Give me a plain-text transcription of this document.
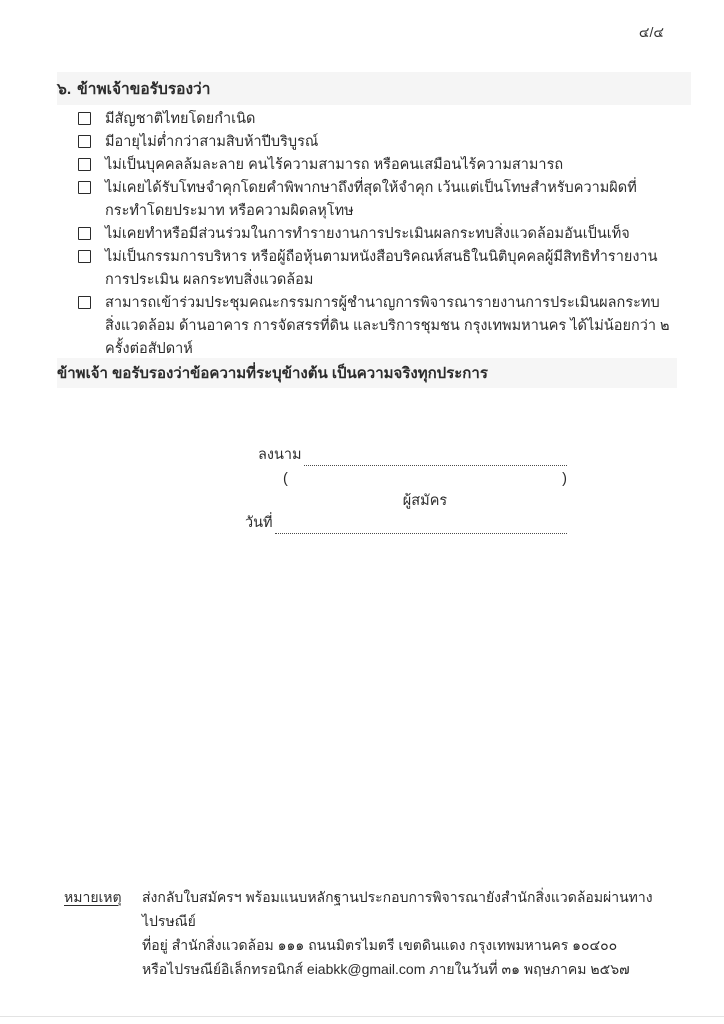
๔/๔
๖. ข้าพเจ้าขอรับรองว่า
มีสัญชาติไทยโดยกำเนิด
มีอายุไม่ต่ำกว่าสามสิบห้าปีบริบูรณ์
ไม่เป็นบุคคลล้มละลาย คนไร้ความสามารถ หรือคนเสมือนไร้ความสามารถ
ไม่เคยได้รับโทษจำคุกโดยคำพิพากษาถึงที่สุดให้จำคุก เว้นแต่เป็นโทษสำหรับความผิดที่กระทำโดยประมาท หรือความผิดลหุโทษ
ไม่เคยทำหรือมีส่วนร่วมในการทำรายงานการประเมินผลกระทบสิ่งแวดล้อมอันเป็นเท็จ
ไม่เป็นกรรมการบริหาร หรือผู้ถือหุ้นตามหนังสือบริคณห์สนธิในนิติบุคคลผู้มีสิทธิทำรายงานการประเมิน ผลกระทบสิ่งแวดล้อม
สามารถเข้าร่วมประชุมคณะกรรมการผู้ชำนาญการพิจารณารายงานการประเมินผลกระทบสิ่งแวดล้อม ด้านอาคาร การจัดสรรที่ดิน และบริการชุมชน กรุงเทพมหานคร ได้ไม่น้อยกว่า ๒ ครั้งต่อสัปดาห์
ข้าพเจ้า ขอรับรองว่าข้อความที่ระบุข้างต้น เป็นความจริงทุกประการ
ลงนาม
(	)
ผู้สมัคร
วันที่
หมายเหตุ	ส่งกลับใบสมัครฯ พร้อมแนบหลักฐานประกอบการพิจารณายังสำนักสิ่งแวดล้อมผ่านทางไปรษณีย์
ที่อยู่ สำนักสิ่งแวดล้อม ๑๑๑ ถนนมิตรไมตรี เขตดินแดง กรุงเทพมหานคร ๑๐๔๐๐
หรือไปรษณีย์อิเล็กทรอนิกส์ eiabkk@gmail.com ภายในวันที่ ๓๑ พฤษภาคม ๒๕๖๗
